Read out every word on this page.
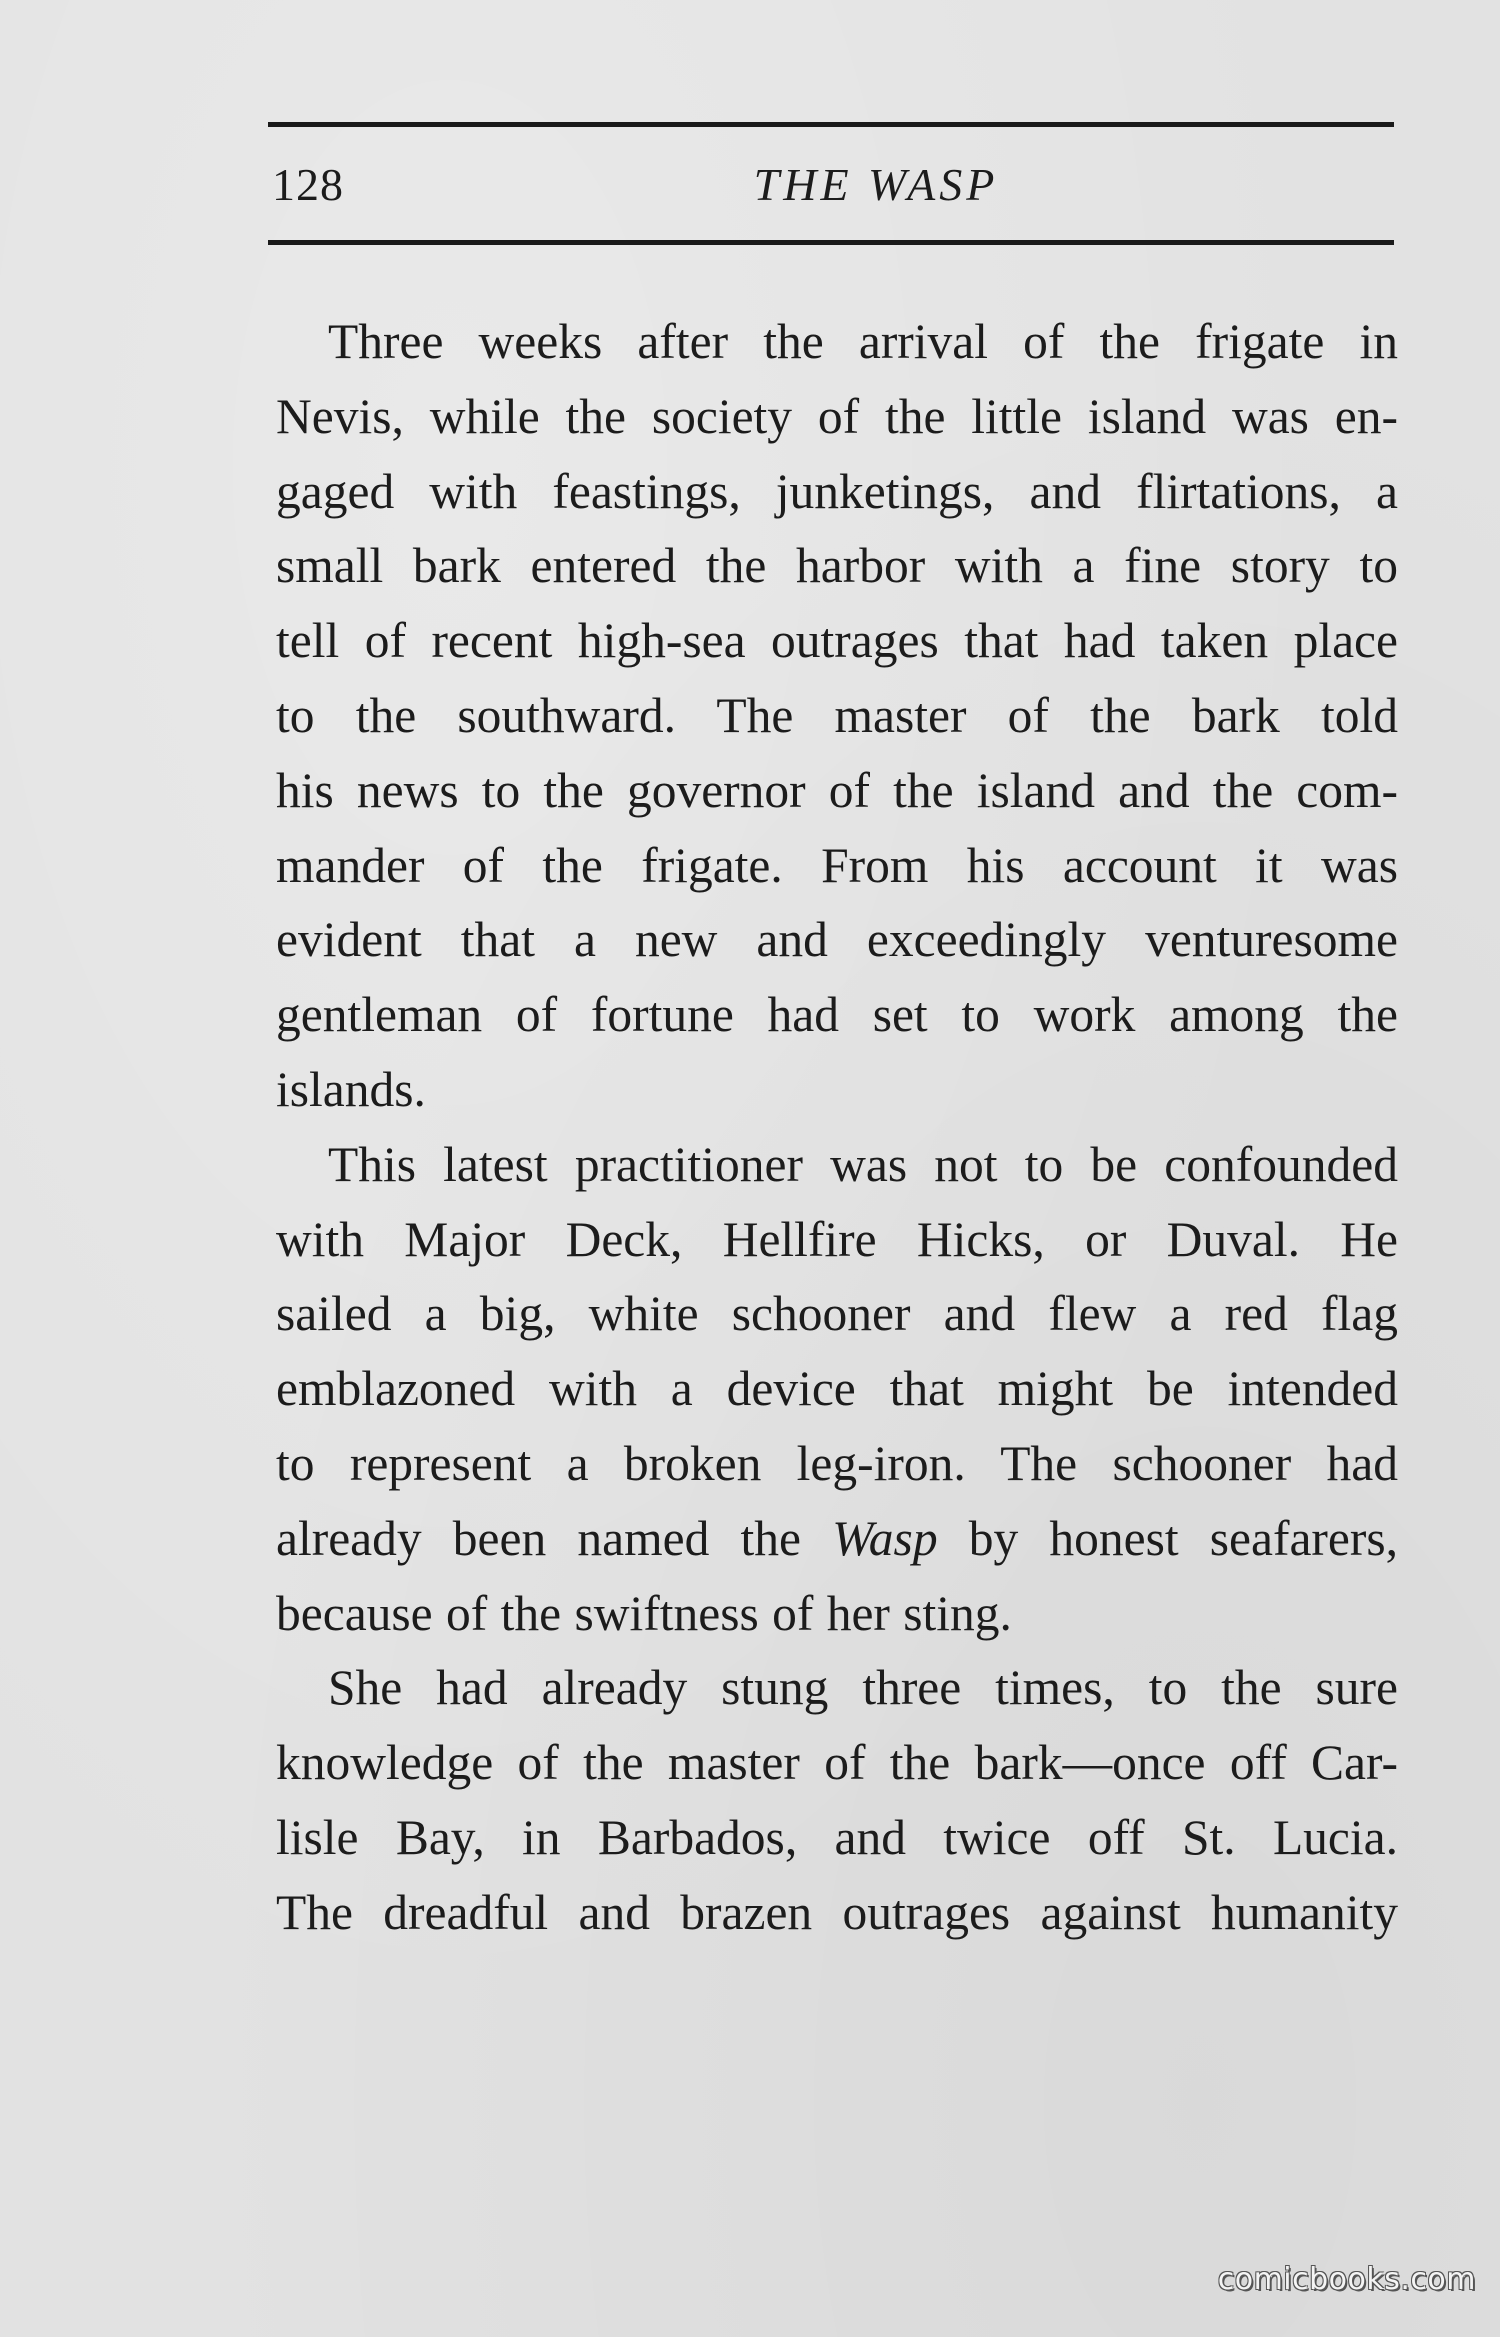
128	THE WASP

Three weeks after the arrival of the frigate in
Nevis, while the society of the little island was en-
gaged with feastings, junketings, and flirtations, a
small bark entered the harbor with a fine story to
tell of recent high-sea outrages that had taken place
to the southward. The master of the bark told
his news to the governor of the island and the com-
mander of the frigate. From his account it was
evident that a new and exceedingly venturesome
gentleman of fortune had set to work among the
islands.

This latest practitioner was not to be confounded
with Major Deck, Hellfire Hicks, or Duval. He
sailed a big, white schooner and flew a red flag
emblazoned with a device that might be intended
to represent a broken leg-iron. The schooner had
already been named the Wasp by honest seafarers,
because of the swiftness of her sting.

She had already stung three times, to the sure
knowledge of the master of the bark—once off Car-
lisle Bay, in Barbados, and twice off St. Lucia.
The dreadful and brazen outrages against humanity

comicbooks.com
